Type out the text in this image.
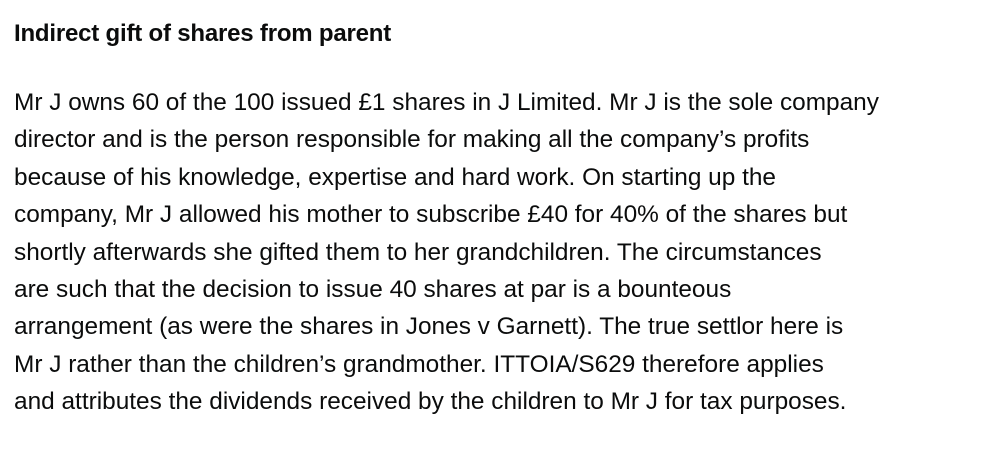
Indirect gift of shares from parent

Mr J owns 60 of the 100 issued £1 shares in J Limited. Mr J is the sole company
director and is the person responsible for making all the company’s profits
because of his knowledge, expertise and hard work. On starting up the
company, Mr J allowed his mother to subscribe £40 for 40% of the shares but
shortly afterwards she gifted them to her grandchildren. The circumstances
are such that the decision to issue 40 shares at par is a bounteous
arrangement (as were the shares in Jones v Garnett). The true settlor here is
Mr J rather than the children’s grandmother. ITTOIA/S629 therefore applies
and attributes the dividends received by the children to Mr J for tax purposes.
